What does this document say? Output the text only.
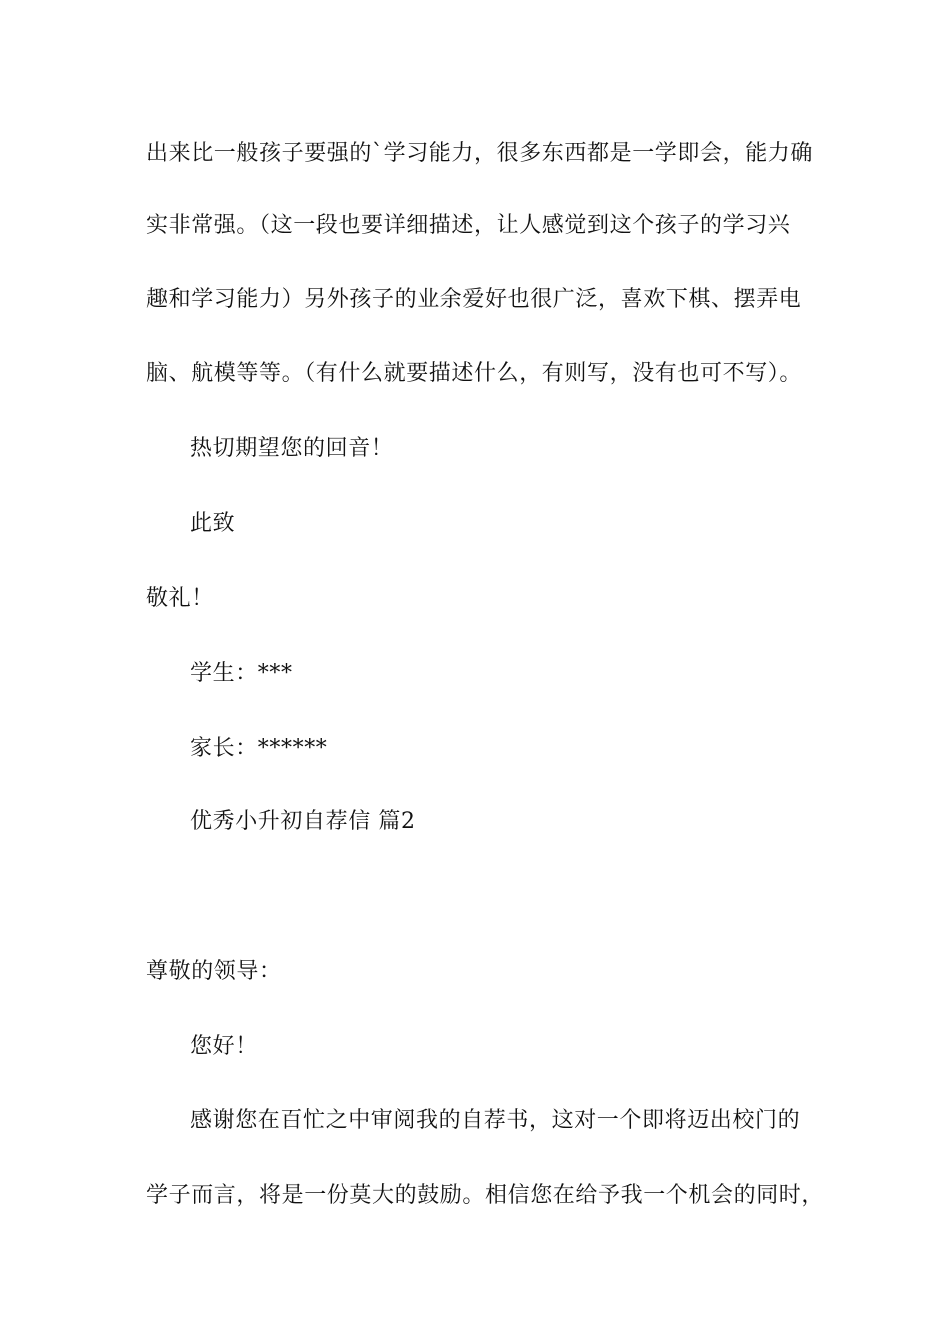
出来比一般孩子要强的`学习能力，很多东西都是一学即会，能力确
实非常强。（这一段也要详细描述，让人感觉到这个孩子的学习兴
趣和学习能力）另外孩子的业余爱好也很广泛，喜欢下棋、摆弄电
脑、航模等等。（有什么就要描述什么，有则写，没有也可不写）。
热切期望您的回音！
此致
敬礼！
学生：***
家长：******
优秀小升初自荐信 篇2
尊敬的领导：
您好！
感谢您在百忙之中审阅我的自荐书，这对一个即将迈出校门的
学子而言，将是一份莫大的鼓励。相信您在给予我一个机会的同时，
